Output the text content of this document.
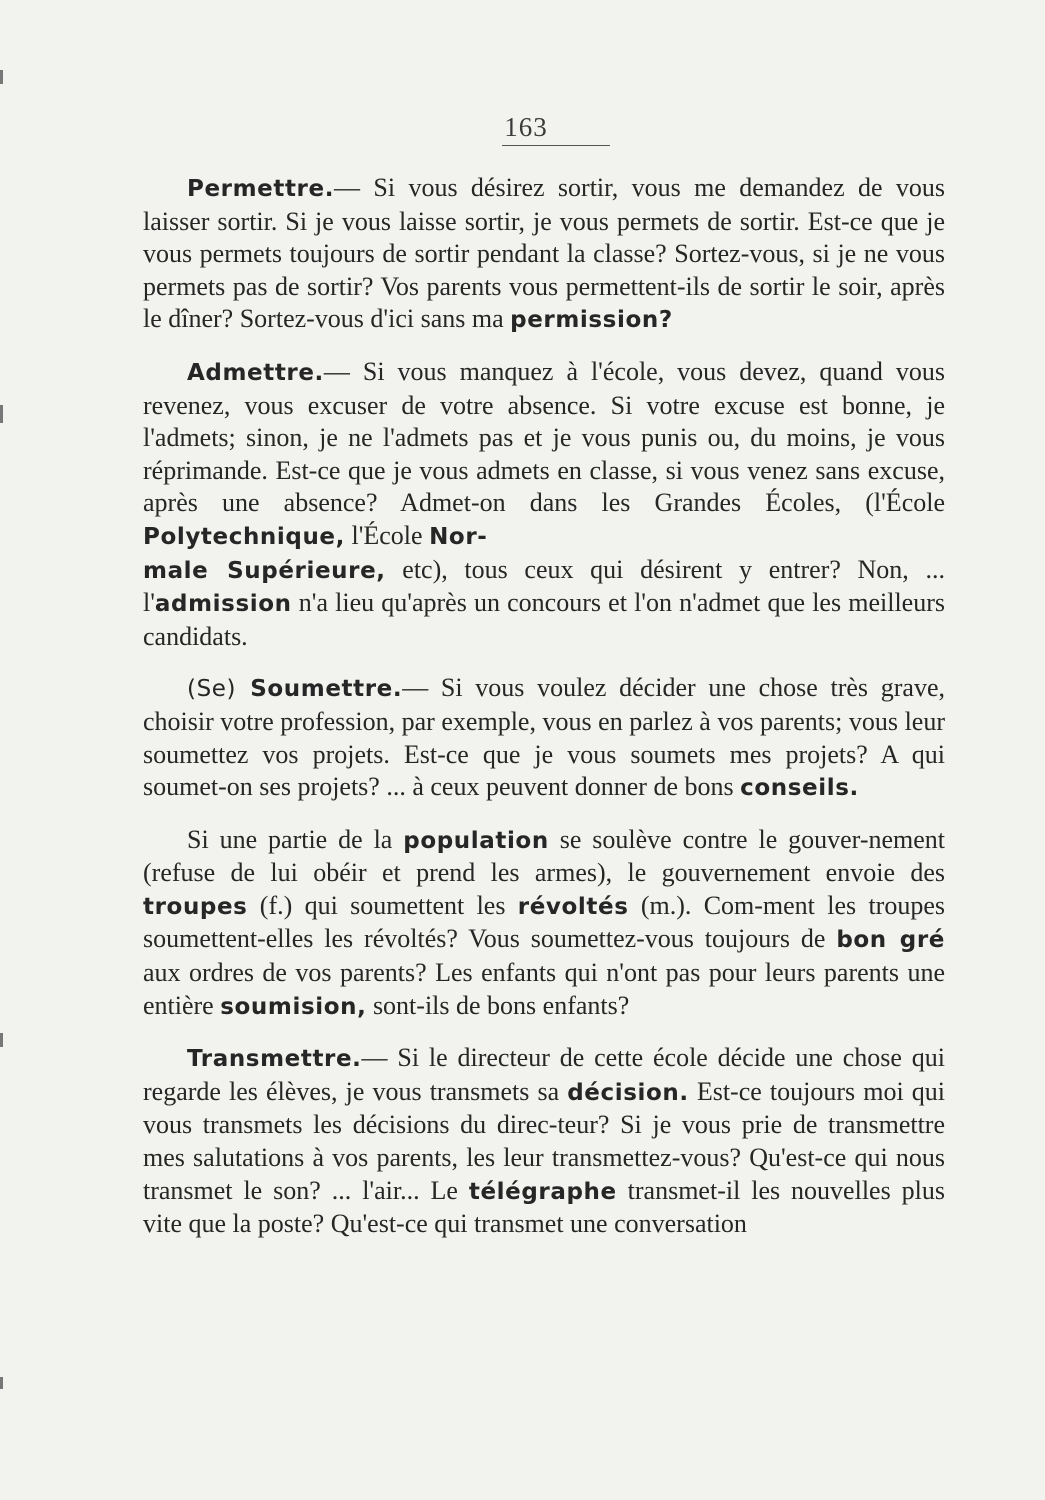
163

Permettre.— Si vous désirez sortir, vous me demandez de vous laisser sortir. Si je vous laisse sortir, je vous permets de sortir. Est-ce que je vous permets toujours de sortir pendant la classe? Sortez-vous, si je ne vous permets pas de sortir? Vos parents vous permettent-ils de sortir le soir, après le dîner? Sortez-vous d'ici sans ma permission?

Admettre.— Si vous manquez à l'école, vous devez, quand vous revenez, vous excuser de votre absence. Si votre excuse est bonne, je l'admets; sinon, je ne l'admets pas et je vous punis ou, du moins, je vous réprimande. Est-ce que je vous admets en classe, si vous venez sans excuse, après une absence? Admet-on dans les Grandes Écoles, (l'École Polytechnique, l'École Nor-
male Supérieure, etc), tous ceux qui désirent y entrer? Non, ... l'admission n'a lieu qu'après un concours et l'on n'admet que les meilleurs candidats.

(Se) Soumettre.— Si vous voulez décider une chose très grave, choisir votre profession, par exemple, vous en parlez à vos parents; vous leur soumettez vos projets. Est-ce que je vous soumets mes projets? A qui soumet-on ses projets? ... à ceux peuvent donner de bons conseils.

Si une partie de la population se soulève contre le gouver-nement (refuse de lui obéir et prend les armes), le gouvernement envoie des troupes (f.) qui soumettent les révoltés (m.). Com-ment les troupes soumettent-elles les révoltés? Vous soumettez-vous toujours de bon gré aux ordres de vos parents? Les enfants qui n'ont pas pour leurs parents une entière soumision, sont-ils de bons enfants?

Transmettre.— Si le directeur de cette école décide une chose qui regarde les élèves, je vous transmets sa décision. Est-ce toujours moi qui vous transmets les décisions du direc-teur? Si je vous prie de transmettre mes salutations à vos parents, les leur transmettez-vous? Qu'est-ce qui nous transmet le son? ... l'air... Le télégraphe transmet-il les nouvelles plus vite que la poste? Qu'est-ce qui transmet une conversation
